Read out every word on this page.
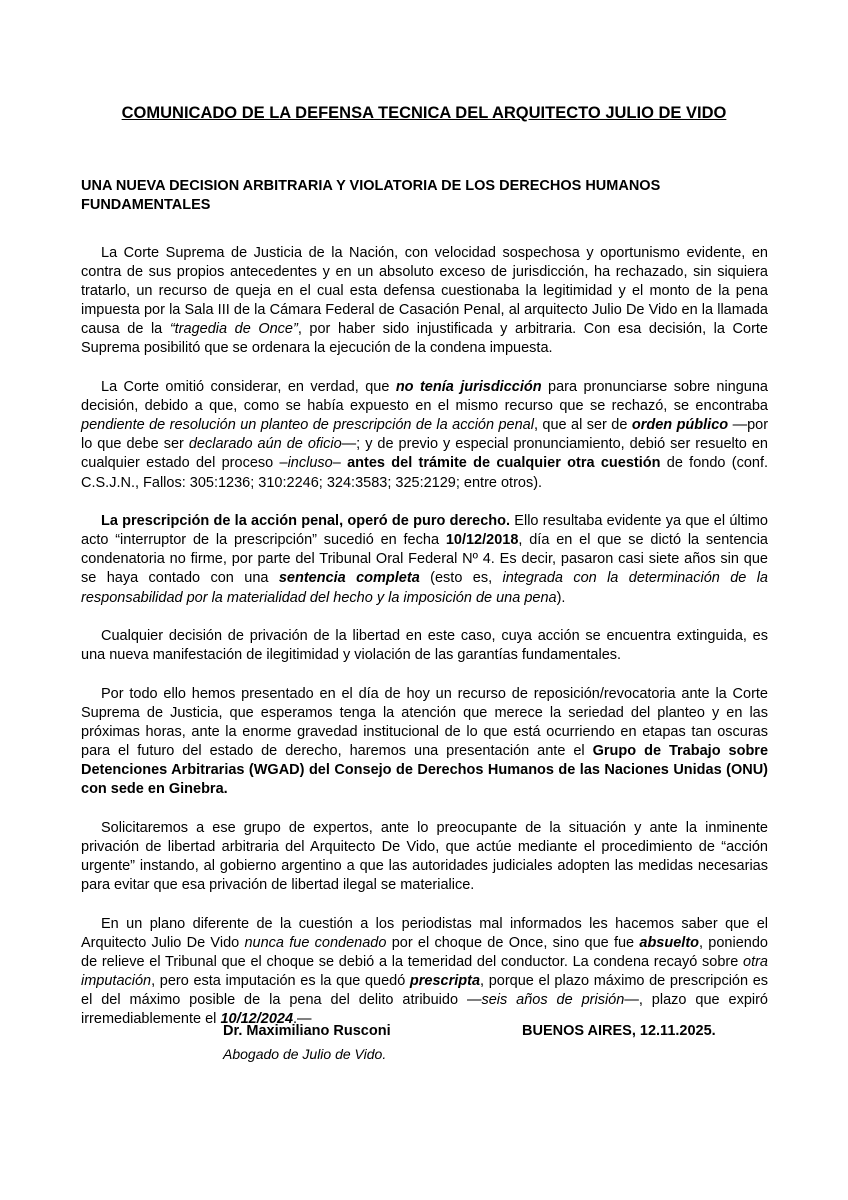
COMUNICADO DE LA DEFENSA TECNICA DEL ARQUITECTO JULIO DE VIDO
UNA NUEVA DECISION ARBITRARIA Y VIOLATORIA DE LOS DERECHOS HUMANOS FUNDAMENTALES

La Corte Suprema de Justicia de la Nación, con velocidad sospechosa y oportunismo evidente, en contra de sus propios antecedentes y en un absoluto exceso de jurisdicción, ha rechazado, sin siquiera tratarlo, un recurso de queja en el cual esta defensa cuestionaba la legitimidad y el monto de la pena impuesta por la Sala III de la Cámara Federal de Casación Penal, al arquitecto Julio De Vido en la llamada causa de la “tragedia de Once”, por haber sido injustificada y arbitraria. Con esa decisión, la Corte Suprema posibilitó que se ordenara la ejecución de la condena impuesta.

La Corte omitió considerar, en verdad, que no tenía jurisdicción para pronunciarse sobre ninguna decisión, debido a que, como se había expuesto en el mismo recurso que se rechazó, se encontraba pendiente de resolución un planteo de prescripción de la acción penal, que al ser de orden público —por lo que debe ser declarado aún de oficio—; y de previo y especial pronunciamiento, debió ser resuelto en cualquier estado del proceso –incluso– antes del trámite de cualquier otra cuestión de fondo (conf. C.S.J.N., Fallos: 305:1236; 310:2246; 324:3583; 325:2129; entre otros).

La prescripción de la acción penal, operó de puro derecho. Ello resultaba evidente ya que el último acto “interruptor de la prescripción” sucedió en fecha 10/12/2018, día en el que se dictó la sentencia condenatoria no firme, por parte del Tribunal Oral Federal Nº 4. Es decir, pasaron casi siete años sin que se haya contado con una sentencia completa (esto es, integrada con la determinación de la responsabilidad por la materialidad del hecho y la imposición de una pena).

Cualquier decisión de privación de la libertad en este caso, cuya acción se encuentra extinguida, es una nueva manifestación de ilegitimidad y violación de las garantías fundamentales.

Por todo ello hemos presentado en el día de hoy un recurso de reposición/revocatoria ante la Corte Suprema de Justicia, que esperamos tenga la atención que merece la seriedad del planteo y en las próximas horas, ante la enorme gravedad institucional de lo que está ocurriendo en etapas tan oscuras para el futuro del estado de derecho, haremos una presentación ante el Grupo de Trabajo sobre Detenciones Arbitrarias (WGAD) del Consejo de Derechos Humanos de las Naciones Unidas (ONU) con sede en Ginebra.

Solicitaremos a ese grupo de expertos, ante lo preocupante de la situación y ante la inminente privación de libertad arbitraria del Arquitecto De Vido, que actúe mediante el procedimiento de “acción urgente” instando, al gobierno argentino a que las autoridades judiciales adopten las medidas necesarias para evitar que esa privación de libertad ilegal se materialice.

En un plano diferente de la cuestión a los periodistas mal informados les hacemos saber que el Arquitecto Julio De Vido nunca fue condenado por el choque de Once, sino que fue absuelto, poniendo de relieve el Tribunal que el choque se debió a la temeridad del conductor. La condena recayó sobre otra imputación, pero esta imputación es la que quedó prescripta, porque el plazo máximo de prescripción es el del máximo posible de la pena del delito atribuido —seis años de prisión—, plazo que expiró irremediablemente el 10/12/2024.—

Dr. Maximiliano Rusconi

Abogado de Julio de Vido.

BUENOS AIRES, 12.11.2025.
